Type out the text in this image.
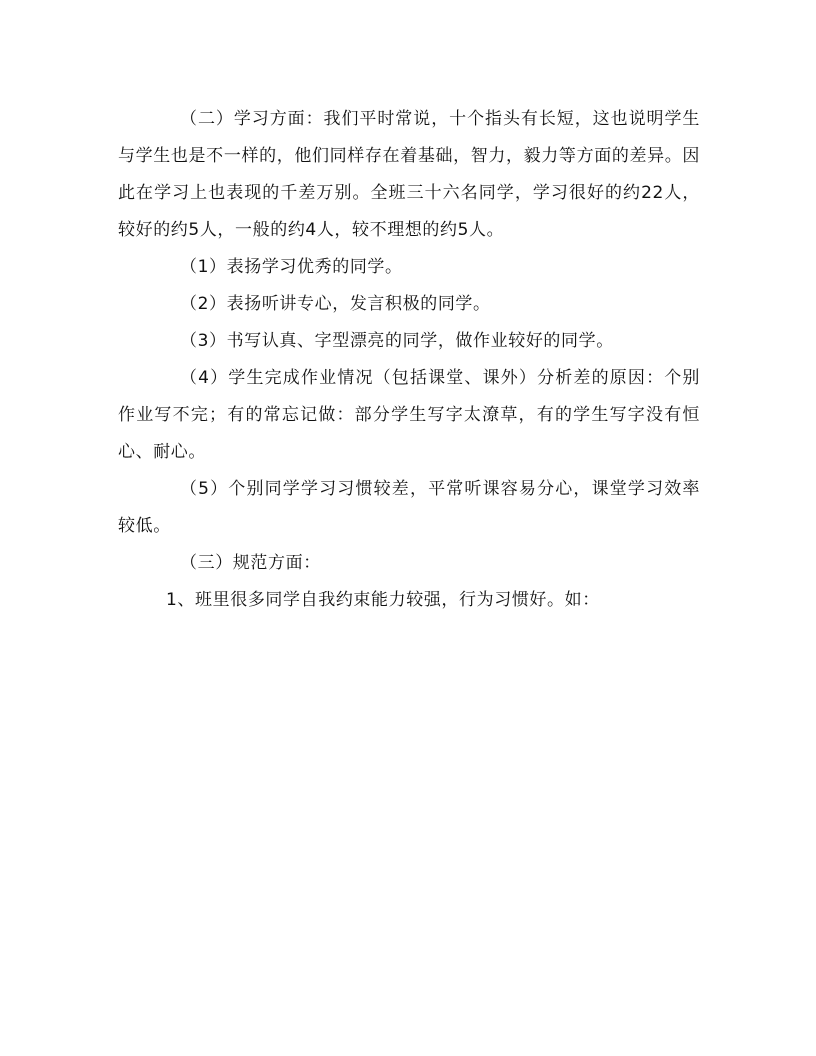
（二）学习方面：我们平时常说，十个指头有长短，这也说明学生与学生也是不一样的，他们同样存在着基础，智力，毅力等方面的差异。因此在学习上也表现的千差万别。全班三十六名同学，学习很好的约22人，较好的约5人，一般的约4人，较不理想的约5人。

（1）表扬学习优秀的同学。

（2）表扬听讲专心，发言积极的同学。

（3）书写认真、字型漂亮的同学，做作业较好的同学。

（4）学生完成作业情况（包括课堂、课外）分析差的原因：个别作业写不完；有的常忘记做：部分学生写字太潦草，有的学生写字没有恒心、耐心。

（5）个别同学学习习惯较差，平常听课容易分心，课堂学习效率较低。

（三）规范方面：

1、班里很多同学自我约束能力较强，行为习惯好。如：
